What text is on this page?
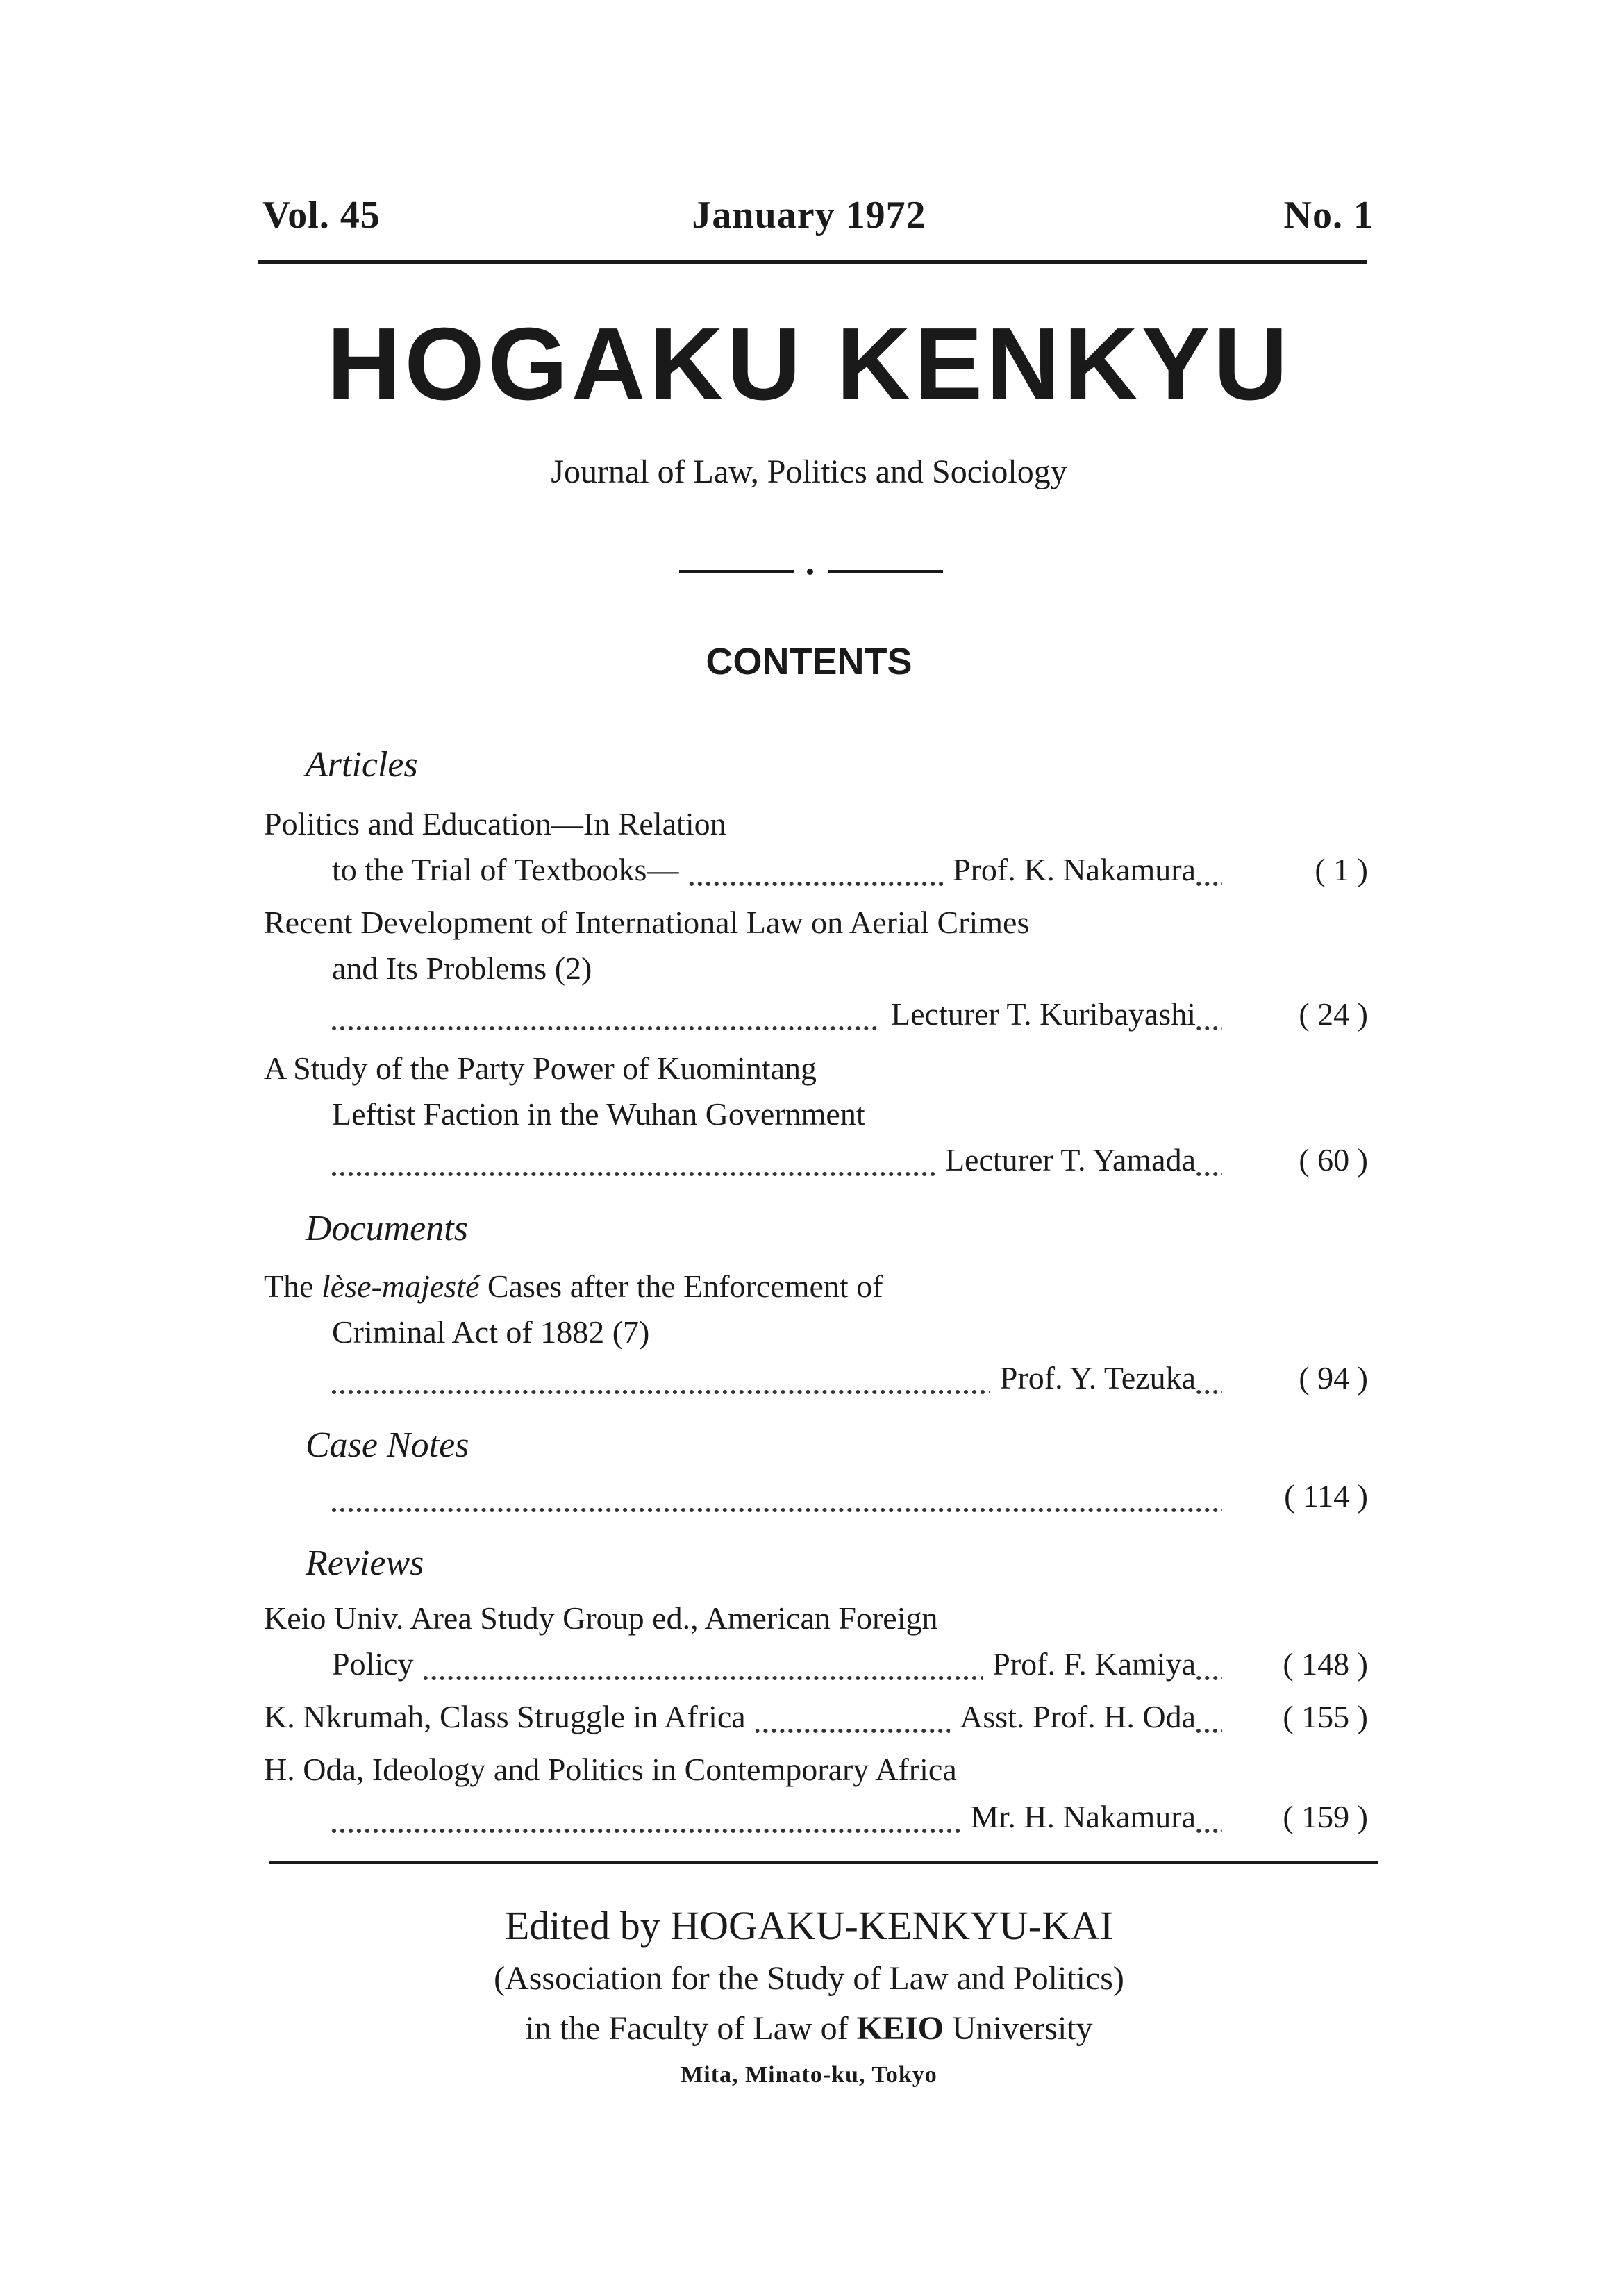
Vol. 45	January 1972	No. 1
HOGAKU KENKYU
Journal of Law, Politics and Sociology
CONTENTS
Articles
Politics and Education—In Relation
to the Trial of Textbooks—	Prof. K. Nakamura	( 1 )
Recent Development of International Law on Aerial Crimes
and Its Problems (2)
Lecturer T. Kuribayashi	( 24 )
A Study of the Party Power of Kuomintang
Leftist Faction in the Wuhan Government
Lecturer T. Yamada	( 60 )
Documents
The lèse-majesté Cases after the Enforcement of
Criminal Act of 1882 (7)
Prof. Y. Tezuka	( 94 )
Case Notes
( 114 )
Reviews
Keio Univ. Area Study Group ed., American Foreign
Policy	Prof. F. Kamiya	( 148 )
K. Nkrumah, Class Struggle in Africa	Asst. Prof. H. Oda	( 155 )
H. Oda, Ideology and Politics in Contemporary Africa
Mr. H. Nakamura	( 159 )
Edited by HOGAKU-KENKYU-KAI
(Association for the Study of Law and Politics)
in the Faculty of Law of KEIO University
Mita, Minato-ku, Tokyo
